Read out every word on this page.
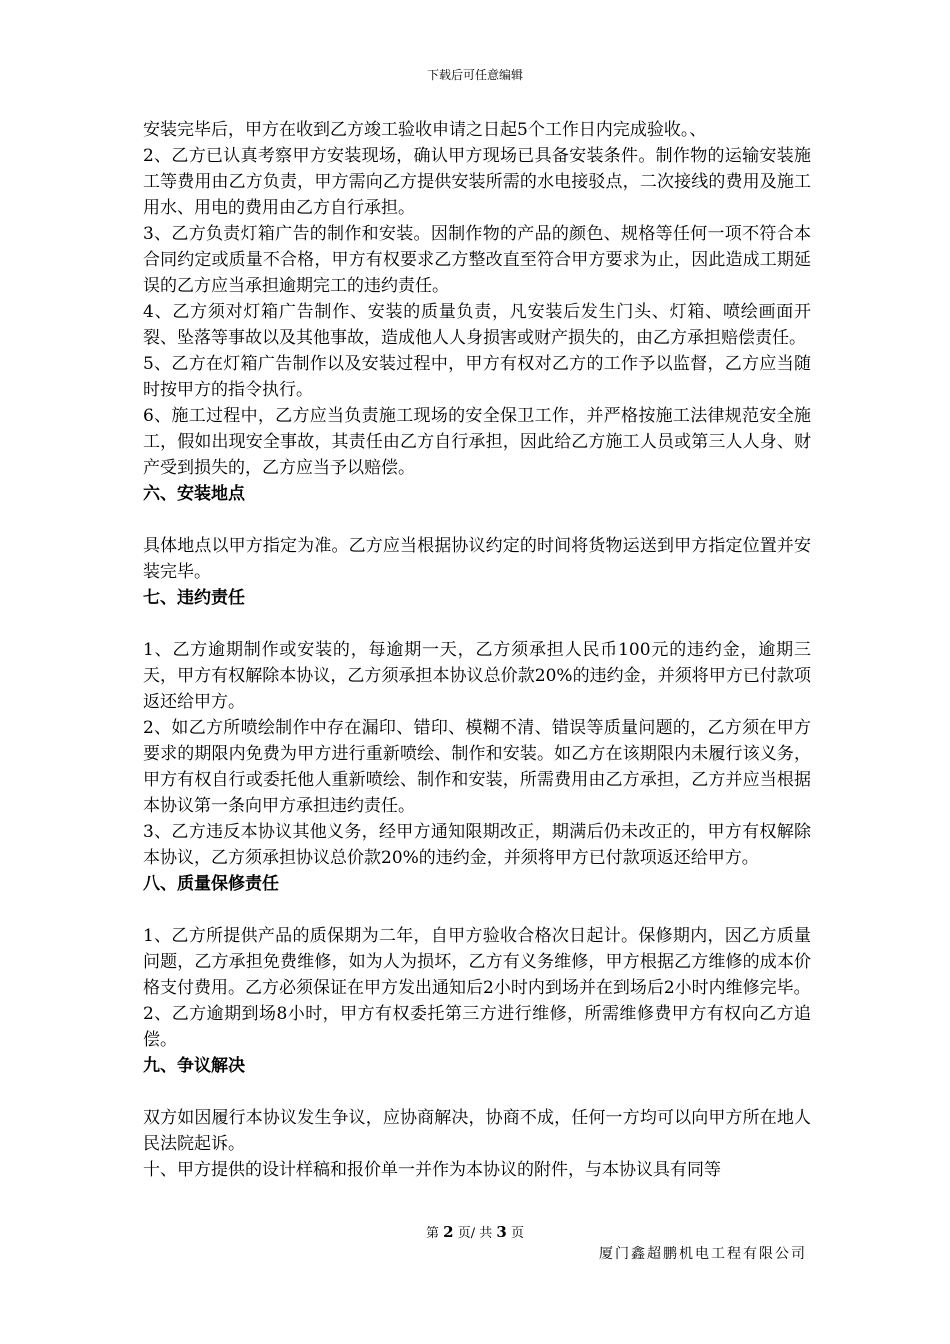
下载后可任意编辑

安装完毕后，甲方在收到乙方竣工验收申请之日起5个工作日内完成验收。、

2、乙方已认真考察甲方安装现场，确认甲方现场已具备安装条件。制作物的运输安装施工等费用由乙方负责，甲方需向乙方提供安装所需的水电接驳点，二次接线的费用及施工用水、用电的费用由乙方自行承担。

3、乙方负责灯箱广告的制作和安装。因制作物的产品的颜色、规格等任何一项不符合本合同约定或质量不合格，甲方有权要求乙方整改直至符合甲方要求为止，因此造成工期延误的乙方应当承担逾期完工的违约责任。

4、乙方须对灯箱广告制作、安装的质量负责，凡安装后发生门头、灯箱、喷绘画面开裂、坠落等事故以及其他事故，造成他人人身损害或财产损失的，由乙方承担赔偿责任。

5、乙方在灯箱广告制作以及安装过程中，甲方有权对乙方的工作予以监督，乙方应当随时按甲方的指令执行。

6、施工过程中，乙方应当负责施工现场的安全保卫工作，并严格按施工法律规范安全施工，假如出现安全事故，其责任由乙方自行承担，因此给乙方施工人员或第三人人身、财产受到损失的，乙方应当予以赔偿。

六、安装地点

具体地点以甲方指定为准。乙方应当根据协议约定的时间将货物运送到甲方指定位置并安装完毕。

七、违约责任

1、乙方逾期制作或安装的，每逾期一天，乙方须承担人民币100元的违约金，逾期三天，甲方有权解除本协议，乙方须承担本协议总价款20%的违约金，并须将甲方已付款项返还给甲方。

2、如乙方所喷绘制作中存在漏印、错印、模糊不清、错误等质量问题的，乙方须在甲方要求的期限内免费为甲方进行重新喷绘、制作和安装。如乙方在该期限内未履行该义务，甲方有权自行或委托他人重新喷绘、制作和安装，所需费用由乙方承担，乙方并应当根据本协议第一条向甲方承担违约责任。

3、乙方违反本协议其他义务，经甲方通知限期改正，期满后仍未改正的，甲方有权解除本协议，乙方须承担协议总价款20%的违约金，并须将甲方已付款项返还给甲方。

八、质量保修责任

1、乙方所提供产品的质保期为二年，自甲方验收合格次日起计。保修期内，因乙方质量问题，乙方承担免费维修，如为人为损坏，乙方有义务维修，甲方根据乙方维修的成本价格支付费用。乙方必须保证在甲方发出通知后2小时内到场并在到场后2小时内维修完毕。

2、乙方逾期到场8小时，甲方有权委托第三方进行维修，所需维修费甲方有权向乙方追偿。

九、争议解决

双方如因履行本协议发生争议，应协商解决，协商不成，任何一方均可以向甲方所在地人民法院起诉。

十、甲方提供的设计样稿和报价单一并作为本协议的附件，与本协议具有同等

第 2 页/ 共 3 页
厦门鑫超鹏机电工程有限公司
